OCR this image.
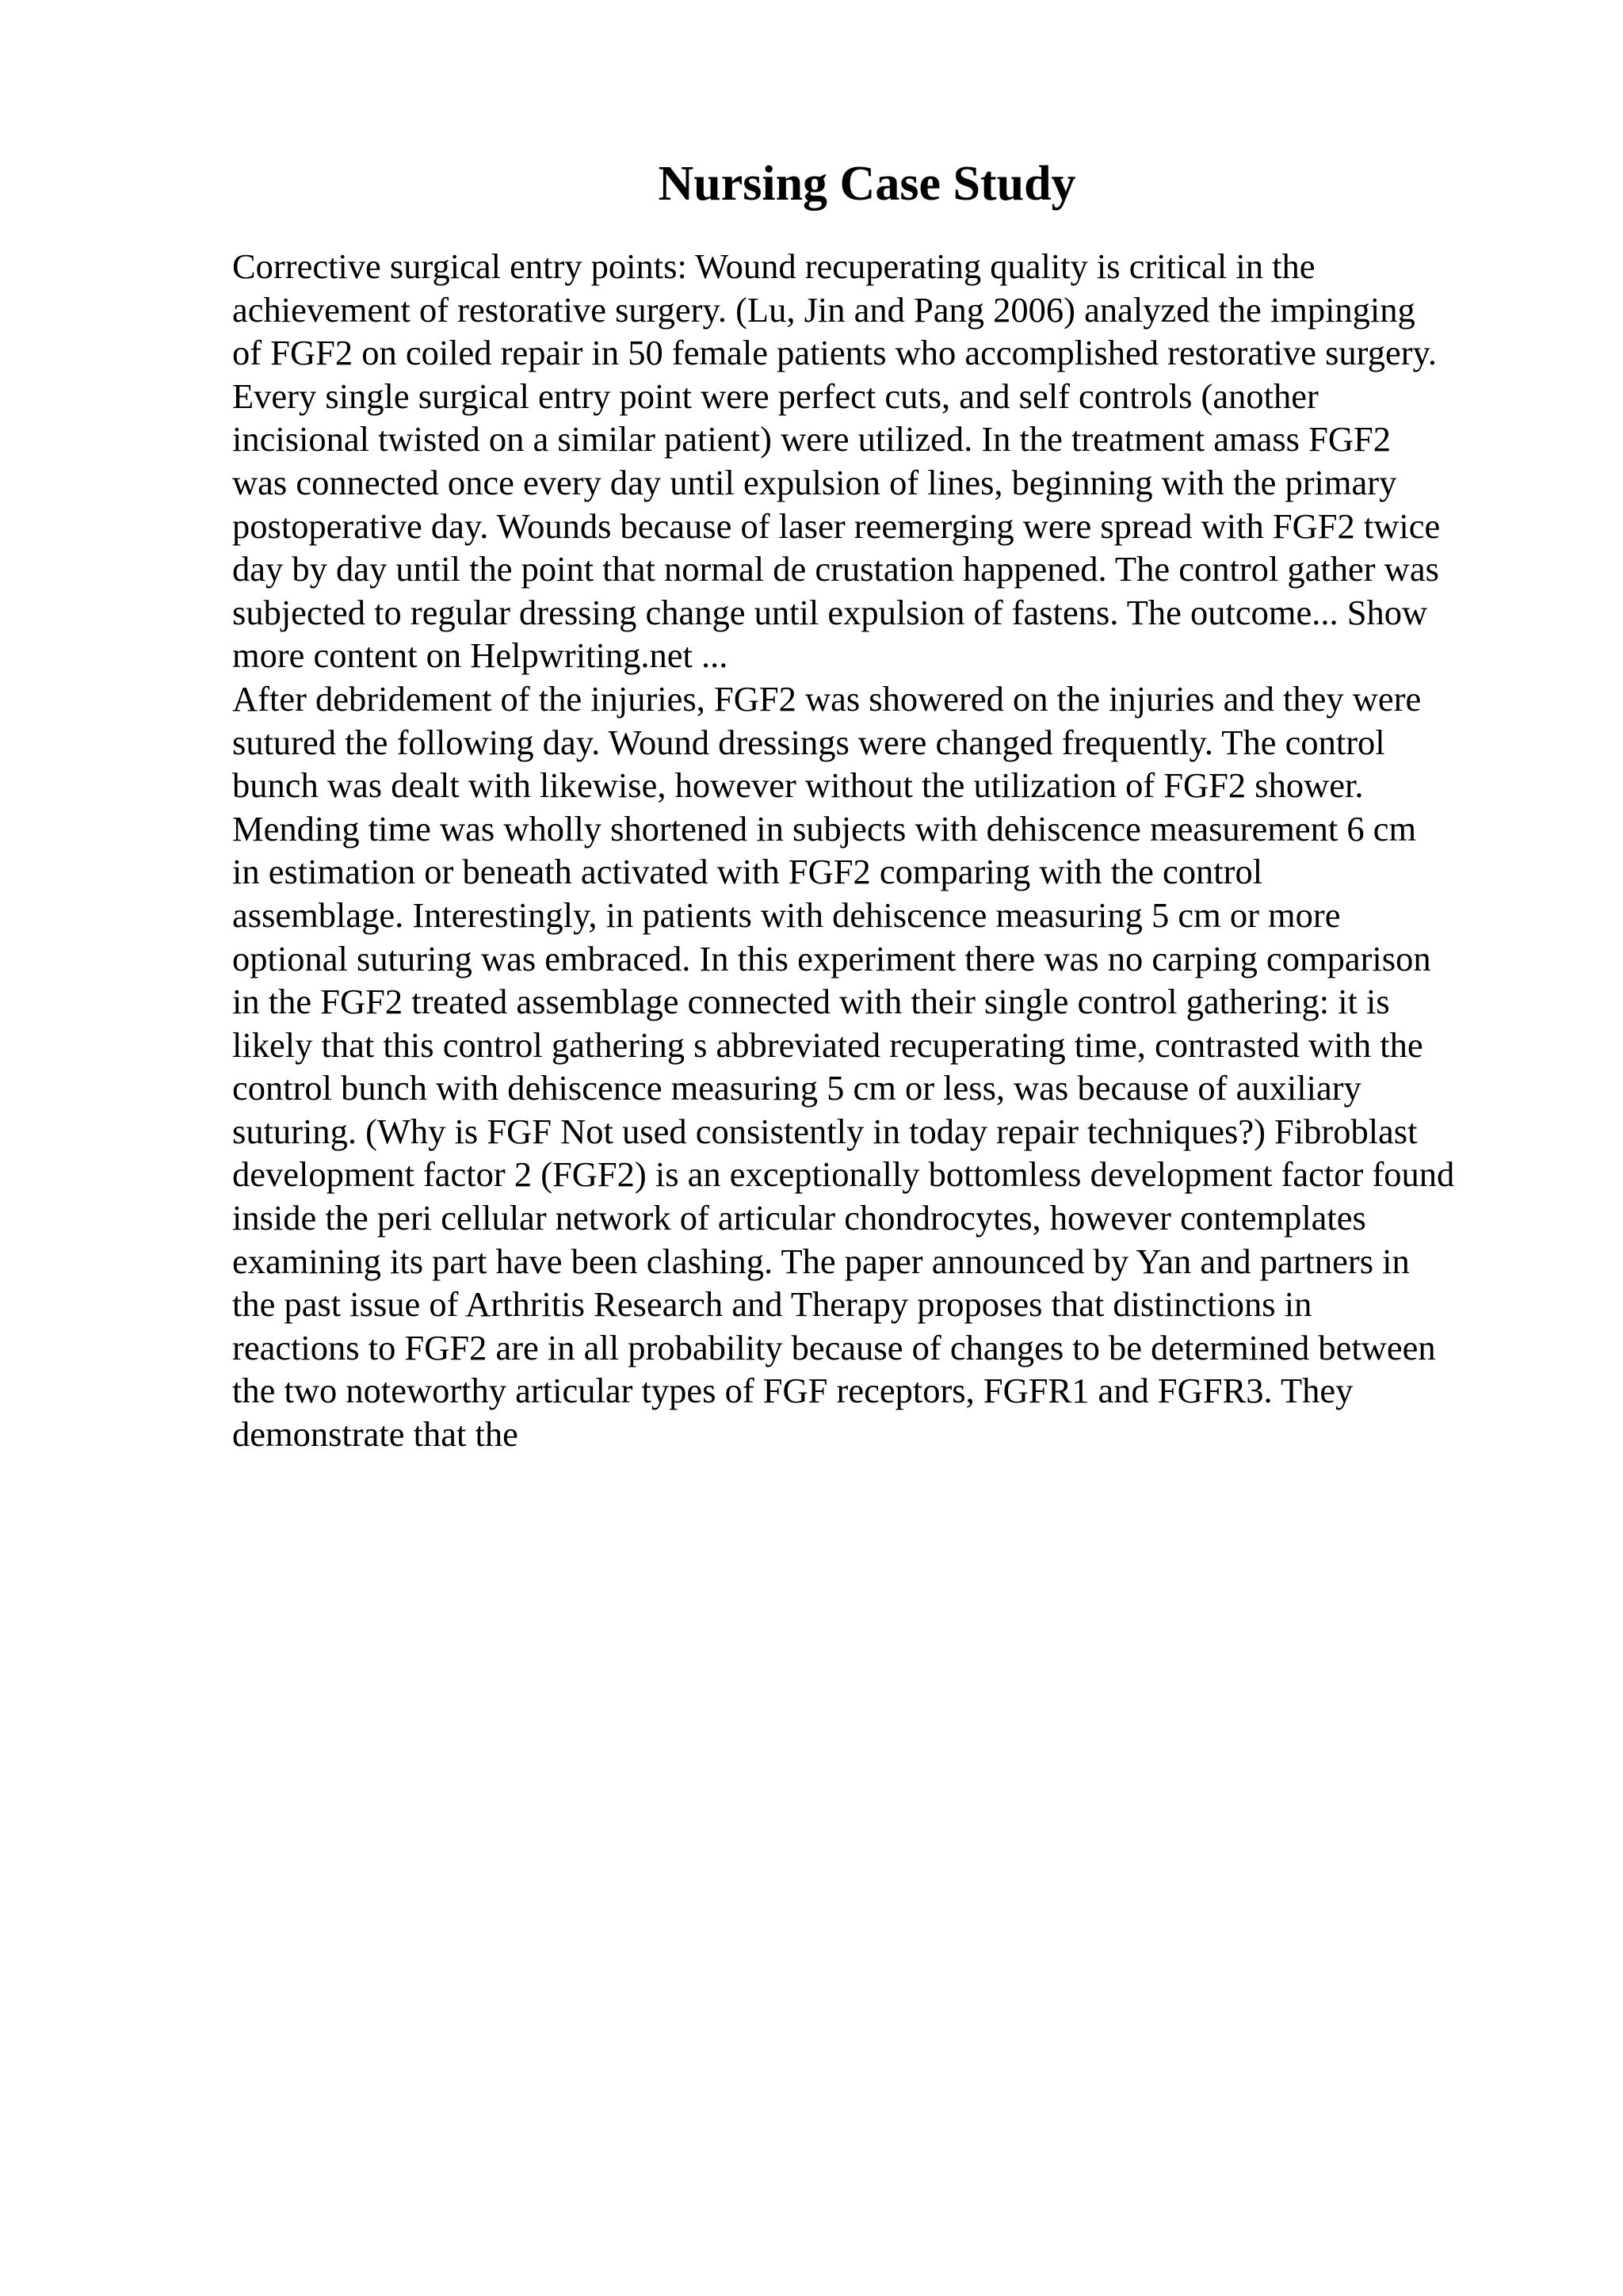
Nursing Case Study
Corrective surgical entry points: Wound recuperating quality is critical in the
achievement of restorative surgery. (Lu, Jin and Pang 2006) analyzed the impinging
of FGF2 on coiled repair in 50 female patients who accomplished restorative surgery.
Every single surgical entry point were perfect cuts, and self controls (another
incisional twisted on a similar patient) were utilized. In the treatment amass FGF2
was connected once every day until expulsion of lines, beginning with the primary
postoperative day. Wounds because of laser reemerging were spread with FGF2 twice
day by day until the point that normal de crustation happened. The control gather was
subjected to regular dressing change until expulsion of fastens. The outcome... Show
more content on Helpwriting.net ...
After debridement of the injuries, FGF2 was showered on the injuries and they were
sutured the following day. Wound dressings were changed frequently. The control
bunch was dealt with likewise, however without the utilization of FGF2 shower.
Mending time was wholly shortened in subjects with dehiscence measurement 6 cm
in estimation or beneath activated with FGF2 comparing with the control
assemblage. Interestingly, in patients with dehiscence measuring 5 cm or more
optional suturing was embraced. In this experiment there was no carping comparison
in the FGF2 treated assemblage connected with their single control gathering: it is
likely that this control gathering s abbreviated recuperating time, contrasted with the
control bunch with dehiscence measuring 5 cm or less, was because of auxiliary
suturing. (Why is FGF Not used consistently in today repair techniques?) Fibroblast
development factor 2 (FGF2) is an exceptionally bottomless development factor found
inside the peri cellular network of articular chondrocytes, however contemplates
examining its part have been clashing. The paper announced by Yan and partners in
the past issue of Arthritis Research and Therapy proposes that distinctions in
reactions to FGF2 are in all probability because of changes to be determined between
the two noteworthy articular types of FGF receptors, FGFR1 and FGFR3. They
demonstrate that the
